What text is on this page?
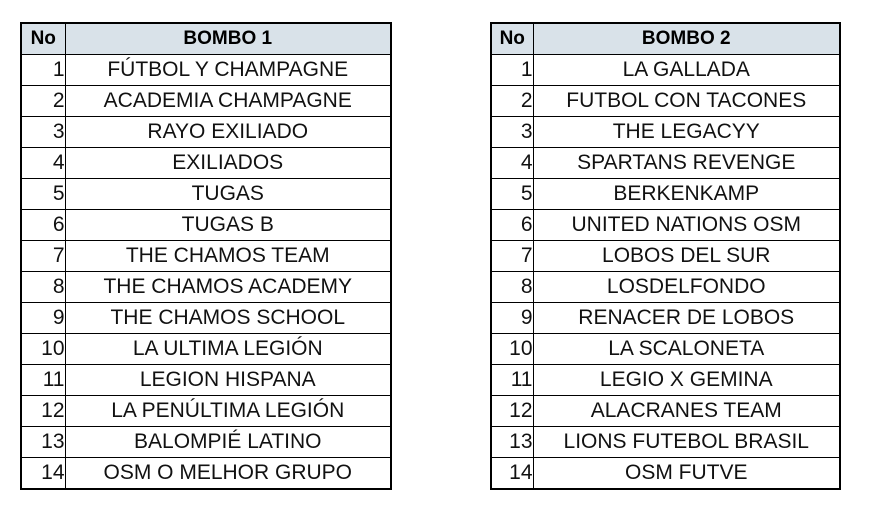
No	BOMBO 1
1	FÚTBOL Y CHAMPAGNE
2	ACADEMIA CHAMPAGNE
3	RAYO EXILIADO
4	EXILIADOS
5	TUGAS
6	TUGAS B
7	THE CHAMOS TEAM
8	THE CHAMOS ACADEMY
9	THE CHAMOS SCHOOL
10	LA ULTIMA LEGIÓN
11	LEGION HISPANA
12	LA PENÚLTIMA LEGIÓN
13	BALOMPIÉ LATINO
14	OSM O MELHOR GRUPO
No	BOMBO 2
1	LA GALLADA
2	FUTBOL CON TACONES
3	THE LEGACYY
4	SPARTANS REVENGE
5	BERKENKAMP
6	UNITED NATIONS OSM
7	LOBOS DEL SUR
8	LOSDELFONDO
9	RENACER DE LOBOS
10	LA SCALONETA
11	LEGIO X GEMINA
12	ALACRANES TEAM
13	LIONS FUTEBOL BRASIL
14	OSM FUTVE
